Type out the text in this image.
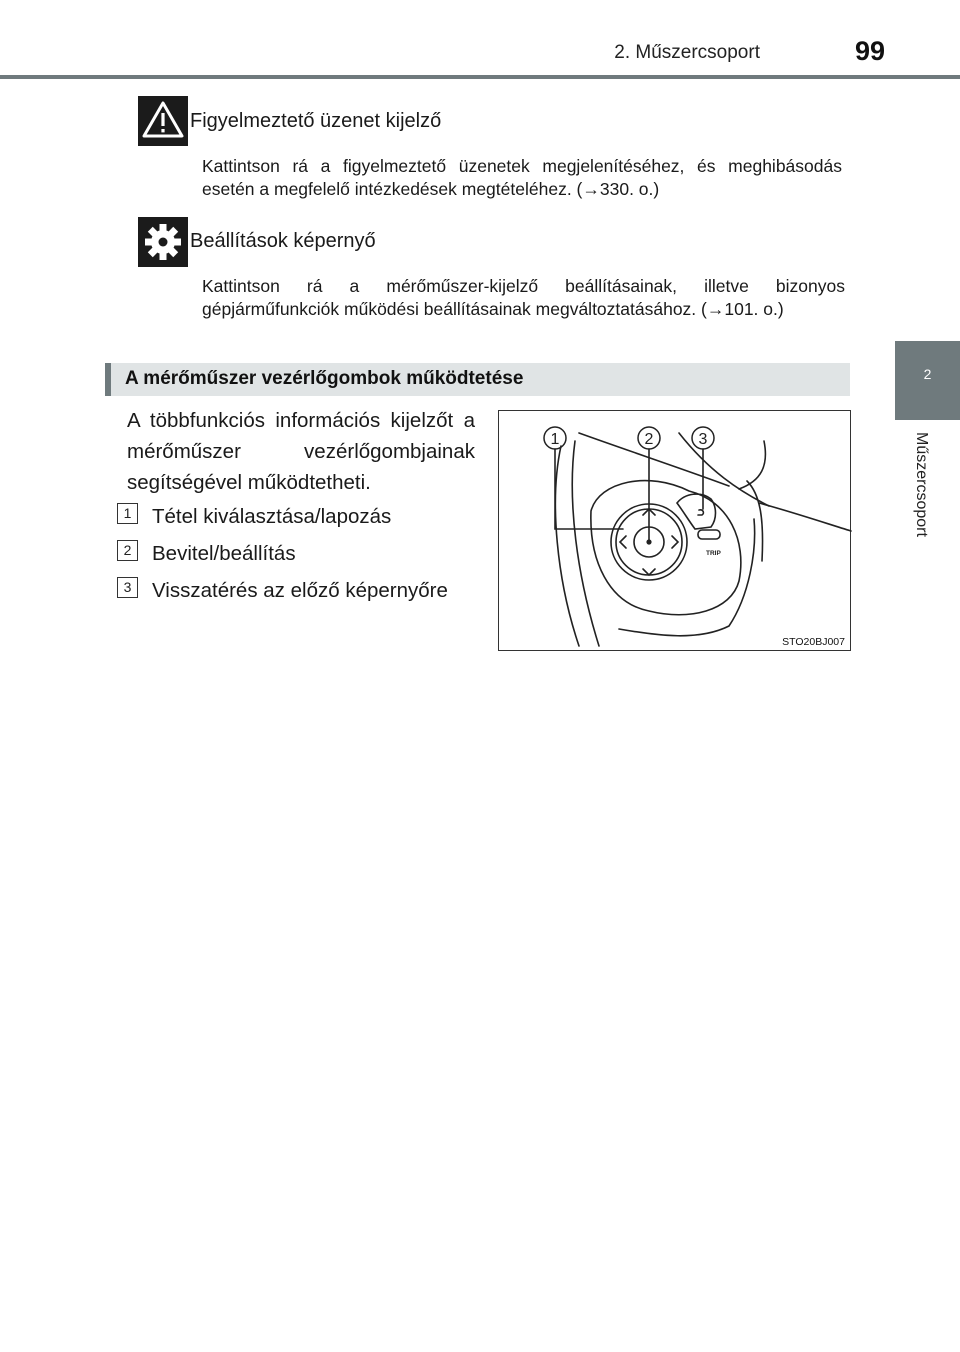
2. Műszercsoport	99
2
Műszercsoport
Figyelmeztető üzenet kijelző
Kattintson rá a figyelmeztető üzenetek megjelenítéséhez, és meghibásodás esetén a megfelelő intézkedések megtételéhez. (→330. o.)
Beállítások képernyő
Kattintson rá a mérőműszer-kijelző beállításainak, illetve bizonyos gépjárműfunkciók működési beállításainak megváltoztatásához. (→101. o.)
A mérőműszer vezérlőgombok működtetése
A többfunkciós információs kijelzőt a mérőműszer vezérlőgombjainak segítségével működtetheti.
1	Tétel kiválasztása/lapozás
2	Bevitel/beállítás
3	Visszatérés az előző képernyőre
1	2	3
TRIP
STO20BJ007
